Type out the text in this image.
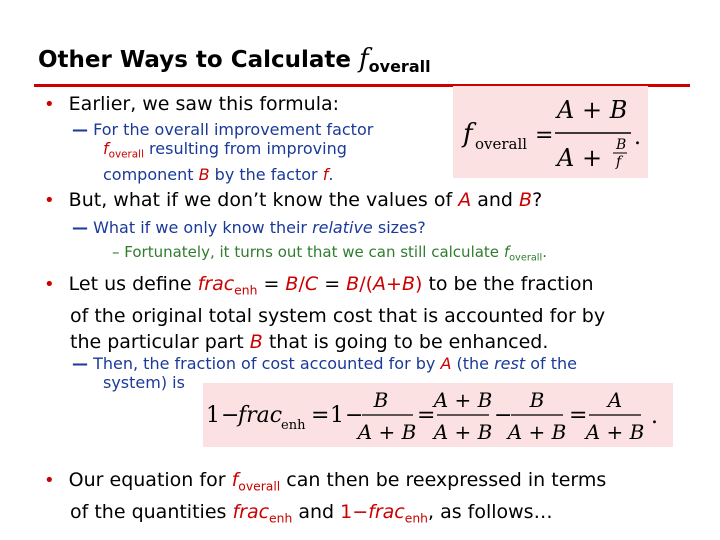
Other Ways to Calculate $f_{overall}$
• Earlier, we saw this formula:
— For the overall improvement factor
$f_{overall}$ resulting from improving
component B by the factor f.
f overall =
A + B
A + B
f
.
• But, what if we don’t know the values of A and B?
— What if we only know their relative sizes?
– Fortunately, it turns out that we can still calculate $f_{overall}$.
• Let us define frac$_{enh}$ = B/C = B/(A+B) to be the fraction
of the original total system cost that is accounted for by
the particular part B that is going to be enhanced.
— Then, the fraction of cost accounted for by A (the rest of the
system) is
1 −
frac
enh = 1 −
B
A + B
=
A + B
A + B
−
B
A + B
=
A
A + B
.
• Our equation for $f_{overall}$ can then be reexpressed in terms
of the quantities frac$_{enh}$ and 1−frac$_{enh}$, as follows…
